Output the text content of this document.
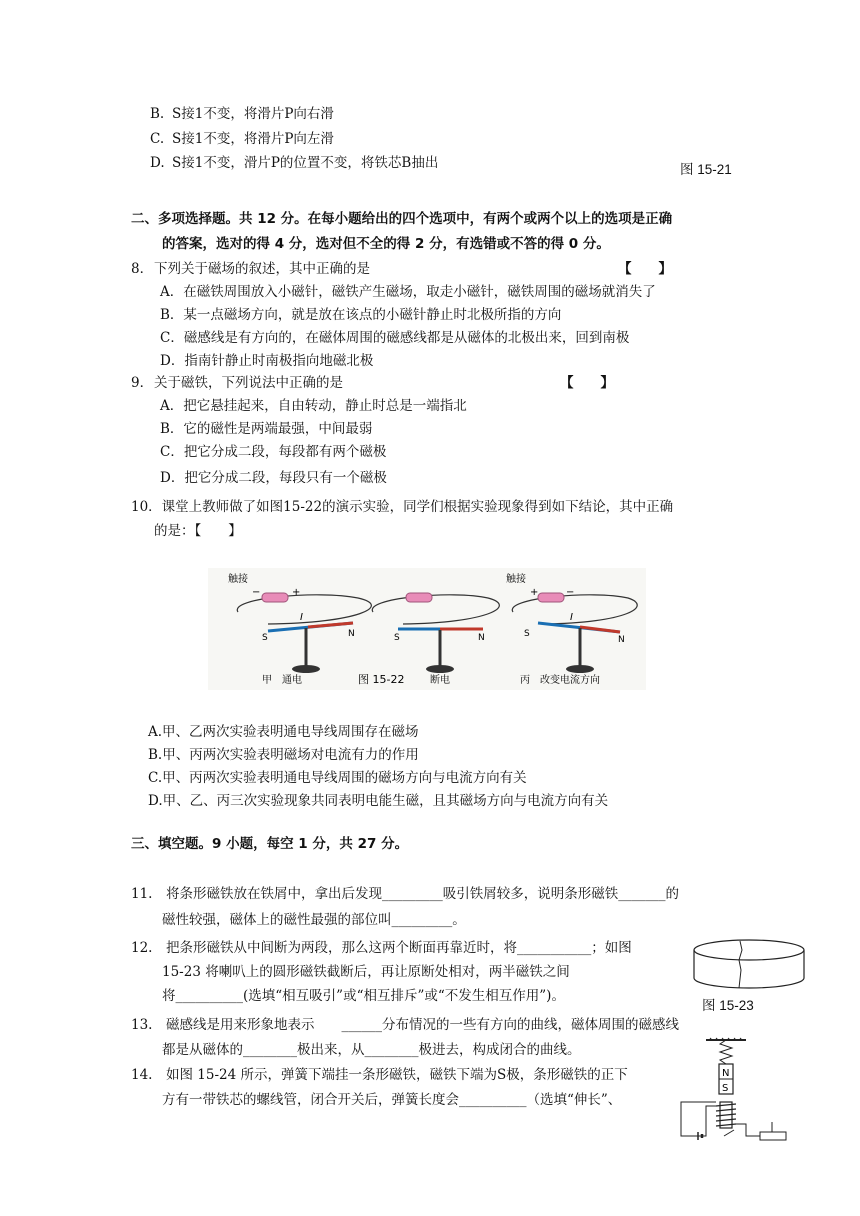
B. S接1不变，将滑片P向右滑
C. S接1不变，将滑片P向左滑
D. S接1不变，滑片P的位置不变，将铁芯B抽出	图 15-21
二、多项选择题。共 12 分。在每小题给出的四个选项中，有两个或两个以上的选项是正确
的答案，选对的得 4 分，选对但不全的得 2 分，有选错或不答的得 0 分。
8． 下列关于磁场的叙述，其中正确的是	【　　】
A．在磁铁周围放入小磁针，磁铁产生磁场，取走小磁针，磁铁周围的磁场就消失了
B．某一点磁场方向，就是放在该点的小磁针静止时北极所指的方向
C．磁感线是有方向的，在磁体周围的磁感线都是从磁体的北极出来，回到南极
D．指南针静止时南极指向地磁北极
9． 关于磁铁，下列说法中正确的是	【　　】
A．把它悬挂起来，自由转动，静止时总是一端指北
B．它的磁性是两端最强，中间最弱
C．把它分成二段，每段都有两个磁极
D．把它分成二段，每段只有一个磁极
10．课堂上教师做了如图15-22的演示实验，同学们根据实验现象得到如下结论，其中正确
的是：【　　】
触接
−	+
I
S	N
甲　通电
S	N
图 15-22	断电
触接
+	−
I
S
N
丙　改变电流方向
A.甲、乙两次实验表明通电导线周围存在磁场
B.甲、丙两次实验表明磁场对电流有力的作用
C.甲、丙两次实验表明通电导线周围的磁场方向与电流方向有关
D.甲、乙、丙三次实验现象共同表明电能生磁，且其磁场方向与电流方向有关
三、填空题。9 小题，每空 1 分，共 27 分。
11.　将条形磁铁放在铁屑中，拿出后发现_________吸引铁屑较多，说明条形磁铁_______的
磁性较强，磁体上的磁性最强的部位叫_________。
12.　把条形磁铁从中间断为两段，那么这两个断面再靠近时，将___________；如图
15-23 将喇叭上的圆形磁铁截断后，再让原断处相对，两半磁铁之间
将__________(选填“相互吸引”或“相互排斥”或“不发生相互作用”)。
图 15-23
13.　磁感线是用来形象地表示　　______分布情况的一些有方向的曲线，磁体周围的磁感线
都是从磁体的________极出来，从________极进去，构成闭合的曲线。
14.　如图 15-24 所示，弹簧下端挂一条形磁铁，磁铁下端为S极，条形磁铁的正下
方有一带铁芯的螺线管，闭合开关后，弹簧长度会__________（选填“伸长”、
N
S
